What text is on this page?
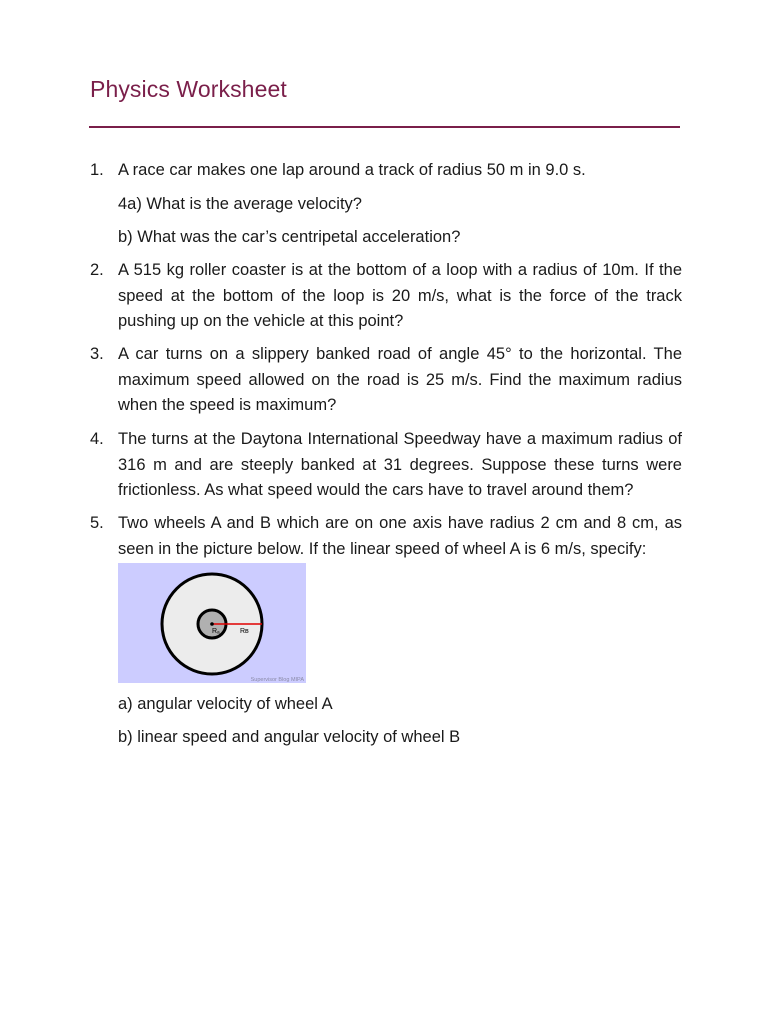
Physics Worksheet
1. A race car makes one lap around a track of radius 50 m in 9.0 s.
4a) What is the average velocity?
b) What was the car’s centripetal acceleration?
2. A 515 kg roller coaster is at the bottom of a loop with a radius of 10m. If the speed at the bottom of the loop is 20 m/s, what is the force of the track pushing up on the vehicle at this point?
3. A car turns on a slippery banked road of angle 45° to the horizontal. The maximum speed allowed on the road is 25 m/s. Find the maximum radius when the speed is maximum?
4. The turns at the Daytona International Speedway have a maximum radius of 316 m and are steeply banked at 31 degrees. Suppose these turns were frictionless. As what speed would the cars have to travel around them?
5. Two wheels A and B which are on one axis have radius 2 cm and 8 cm, as seen in the picture below. If the linear speed of wheel A is 6 m/s, specify:
Rₐ	Rʙ
Supervisor Blog MIPA
a) angular velocity of wheel A
b) linear speed and angular velocity of wheel B
